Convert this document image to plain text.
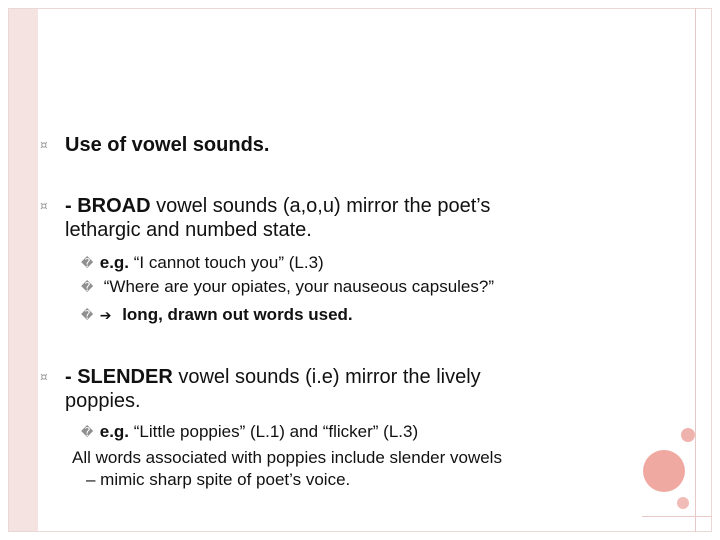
¤ Use of vowel sounds.
¤ - BROAD vowel sounds (a,o,u) mirror the poet’s
lethargic and numbed state.
� e.g. “I cannot touch you” (L.3)
� “Where are your opiates, your nauseous capsules?”
� ➔ long, drawn out words used.
¤ - SLENDER vowel sounds (i.e) mirror the lively
poppies.
� e.g. “Little poppies” (L.1) and “flicker” (L.3)
All words associated with poppies include slender vowels
– mimic sharp spite of poet’s voice.
